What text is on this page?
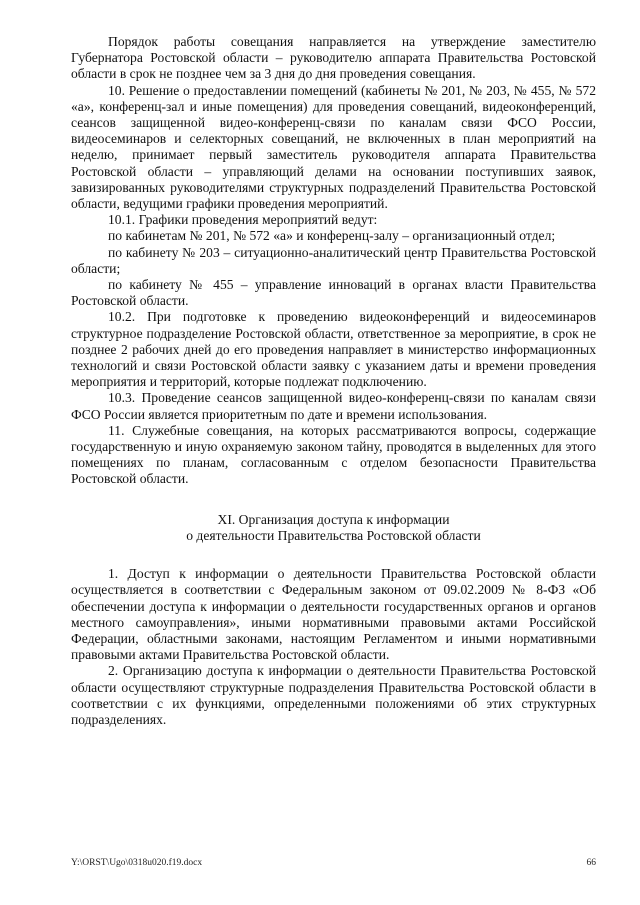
Порядок работы совещания направляется на утверждение заместителю Губернатора Ростовской области – руководителю аппарата Правительства Ростовской области в срок не позднее чем за 3 дня до дня проведения совещания.

10. Решение о предоставлении помещений (кабинеты № 201, № 203, № 455, № 572 «а», конференц-зал и иные помещения) для проведения совещаний, видеоконференций, сеансов защищенной видео-конференц-связи по каналам связи ФСО России, видеосеминаров и селекторных совещаний, не включенных в план мероприятий на неделю, принимает первый заместитель руководителя аппарата Правительства Ростовской области – управляющий делами на основании поступивших заявок, завизированных руководителями структурных подразделений Правительства Ростовской области, ведущими графики проведения мероприятий.

10.1. Графики проведения мероприятий ведут:

по кабинетам № 201, № 572 «а» и конференц-залу – организационный отдел;

по кабинету № 203 – ситуационно-аналитический центр Правительства Ростовской области;

по кабинету № 455 – управление инноваций в органах власти Правительства Ростовской области.

10.2. При подготовке к проведению видеоконференций и видеосеминаров структурное подразделение Ростовской области, ответственное за мероприятие, в срок не позднее 2 рабочих дней до его проведения направляет в министерство информационных технологий и связи Ростовской области заявку с указанием даты и времени проведения мероприятия и территорий, которые подлежат подключению.

10.3. Проведение сеансов защищенной видео-конференц-связи по каналам связи ФСО России является приоритетным по дате и времени использования.

11. Служебные совещания, на которых рассматриваются вопросы, содержащие государственную и иную охраняемую законом тайну, проводятся в выделенных для этого помещениях по планам, согласованным с отделом безопасности Правительства Ростовской области.

XI. Организация доступа к информации
о деятельности Правительства Ростовской области

1. Доступ к информации о деятельности Правительства Ростовской области осуществляется в соответствии с Федеральным законом от 09.02.2009 № 8-ФЗ «Об обеспечении доступа к информации о деятельности государственных органов и органов местного самоуправления», иными нормативными правовыми актами Российской Федерации, областными законами, настоящим Регламентом и иными нормативными правовыми актами Правительства Ростовской области.

2. Организацию доступа к информации о деятельности Правительства Ростовской области осуществляют структурные подразделения Правительства Ростовской области в соответствии с их функциями, определенными положениями об этих структурных подразделениях.

Y:\ORST\Ugo\0318u020.f19.docx	66
